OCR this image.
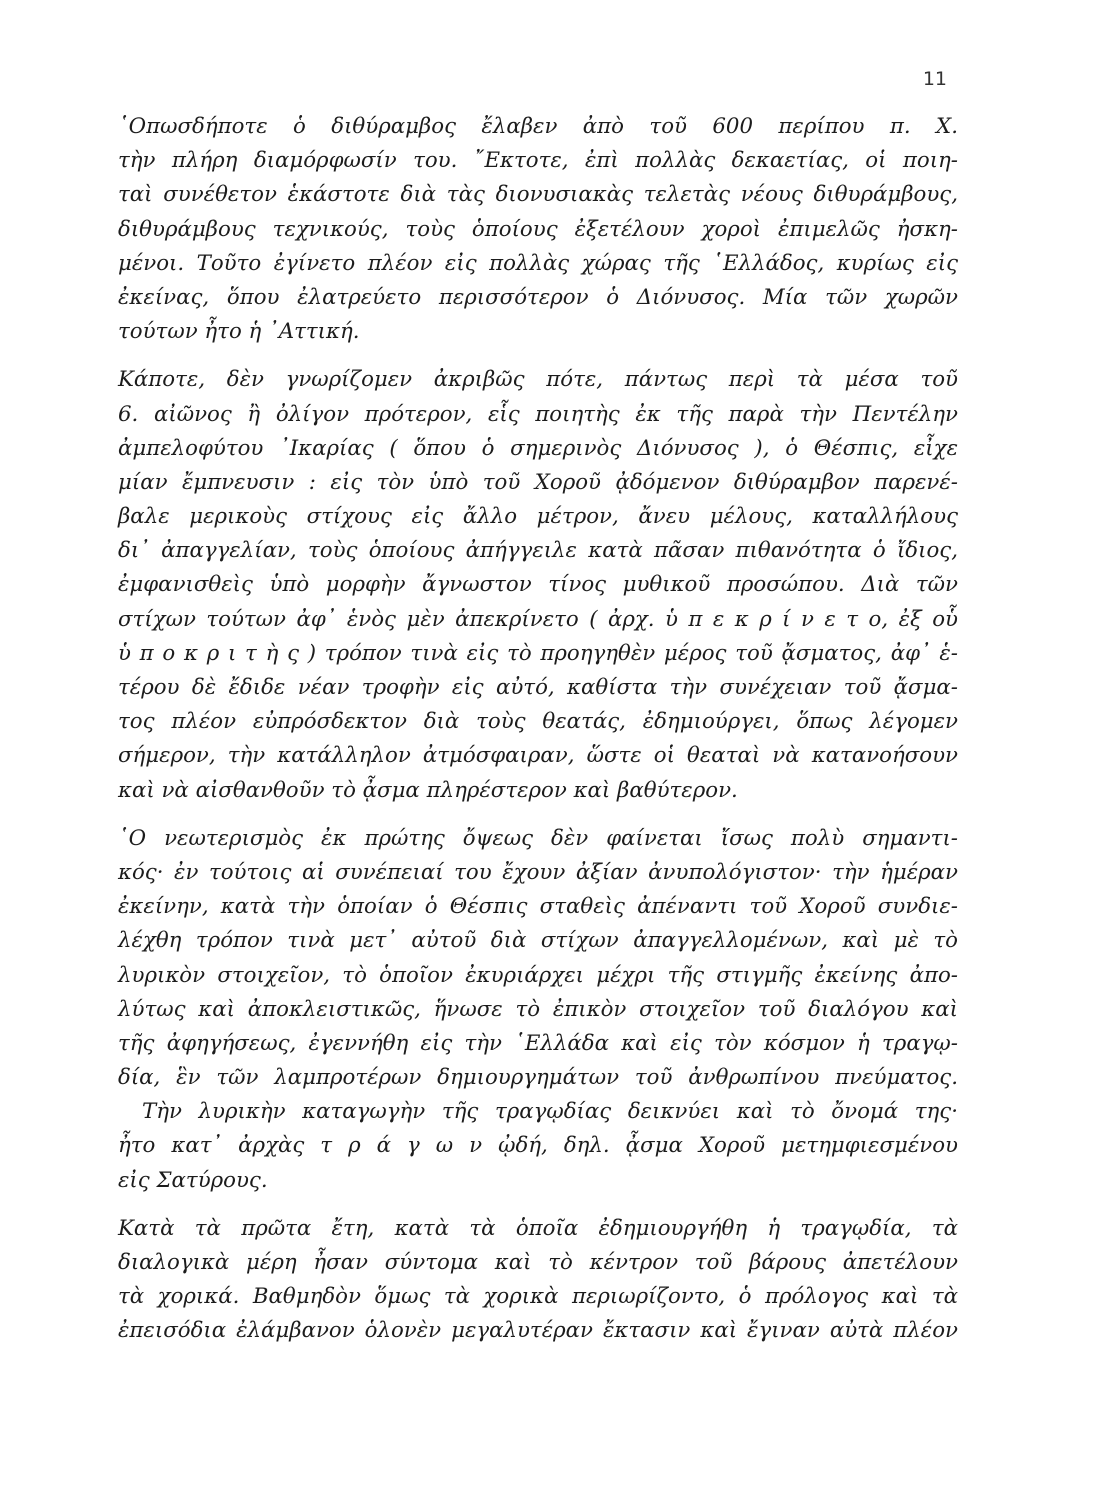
11
῾Οπωσδήποτε ὁ διθύραμβος ἔλαβεν ἀπὸ τοῦ 600 περίπου π. Χ.
τὴν πλήρη διαμόρφωσίν του. ῎Εκτοτε, ἐπὶ πολλὰς δεκαετίας, οἱ ποιη-
ταὶ συνέθετον ἑκάστοτε διὰ τὰς διονυσιακὰς τελετὰς νέους διθυράμβους,
διθυράμβους τεχνικούς, τοὺς ὁποίους ἐξετέλουν χοροὶ ἐπιμελῶς ἠσκη-
μένοι. Τοῦτο ἐγίνετο πλέον εἰς πολλὰς χώρας τῆς ῾Ελλάδος, κυρίως εἰς
ἐκείνας, ὅπου ἐλατρεύετο περισσότερον ὁ Διόνυσος. Μία τῶν χωρῶν
τούτων ἦτο ἡ ᾿Αττική.
Κάποτε, δὲν γνωρίζομεν ἀκριβῶς πότε, πάντως περὶ τὰ μέσα τοῦ
6. αἰῶνος ἢ ὀλίγον πρότερον, εἷς ποιητὴς ἐκ τῆς παρὰ τὴν Πεντέλην
ἀμπελοφύτου ᾿Ικαρίας ( ὅπου ὁ σημερινὸς Διόνυσος ), ὁ Θέσπις, εἶχε
μίαν ἔμπνευσιν : εἰς τὸν ὑπὸ τοῦ Χοροῦ ᾀδόμενον διθύραμβον παρενέ-
βαλε μερικοὺς στίχους εἰς ἄλλο μέτρον, ἄνευ μέλους, καταλλήλους
δι᾿ ἀπαγγελίαν, τοὺς ὁποίους ἀπήγγειλε κατὰ πᾶσαν πιθανότητα ὁ ἴδιος,
ἐμφανισθεὶς ὑπὸ μορφὴν ἄγνωστον τίνος μυθικοῦ προσώπου. Διὰ τῶν
στίχων τούτων ἀφ᾿ ἑνὸς μὲν ἀπεκρίνετο ( ἀρχ. ὑ π ε κ ρ ί ν ε τ ο, ἐξ οὗ
ὑ π ο κ ρ ι τ ὴ ς ) τρόπον τινὰ εἰς τὸ προηγηθὲν μέρος τοῦ ᾄσματος, ἀφ᾿ ἑ-
τέρου δὲ ἔδιδε νέαν τροφὴν εἰς αὐτό, καθίστα τὴν συνέχειαν τοῦ ᾄσμα-
τος πλέον εὐπρόσδεκτον διὰ τοὺς θεατάς, ἐδημιούργει, ὅπως λέγομεν
σήμερον, τὴν κατάλληλον ἀτμόσφαιραν, ὥστε οἱ θεαταὶ νὰ κατανοήσουν
καὶ νὰ αἰσθανθοῦν τὸ ᾆσμα πληρέστερον καὶ βαθύτερον.
῾Ο νεωτερισμὸς ἐκ πρώτης ὄψεως δὲν φαίνεται ἴσως πολὺ σημαντι-
κός· ἐν τούτοις αἱ συνέπειαί του ἔχουν ἀξίαν ἀνυπολόγιστον· τὴν ἡμέραν
ἐκείνην, κατὰ τὴν ὁποίαν ὁ Θέσπις σταθεὶς ἀπέναντι τοῦ Χοροῦ συνδιε-
λέχθη τρόπον τινὰ μετ᾿ αὐτοῦ διὰ στίχων ἀπαγγελλομένων, καὶ μὲ τὸ
λυρικὸν στοιχεῖον, τὸ ὁποῖον ἐκυριάρχει μέχρι τῆς στιγμῆς ἐκείνης ἀπο-
λύτως καὶ ἀποκλειστικῶς, ἥνωσε τὸ ἐπικὸν στοιχεῖον τοῦ διαλόγου καὶ
τῆς ἀφηγήσεως, ἐγεννήθη εἰς τὴν ῾Ελλάδα καὶ εἰς τὸν κόσμον ἡ τραγῳ-
δία, ἓν τῶν λαμπροτέρων δημιουργημάτων τοῦ ἀνθρωπίνου πνεύματος.
Τὴν λυρικὴν καταγωγὴν τῆς τραγῳδίας δεικνύει καὶ τὸ ὄνομά της·
ἦτο κατ᾿ ἀρχὰς τ ρ ά γ ω ν ᾠδή, δηλ. ᾆσμα Χοροῦ μετημφιεσμένου
εἰς Σατύρους.
Κατὰ τὰ πρῶτα ἔτη, κατὰ τὰ ὁποῖα ἐδημιουργήθη ἡ τραγῳδία, τὰ
διαλογικὰ μέρη ἦσαν σύντομα καὶ τὸ κέντρον τοῦ βάρους ἀπετέλουν
τὰ χορικά. Βαθμηδὸν ὅμως τὰ χορικὰ περιωρίζοντο, ὁ πρόλογος καὶ τὰ
ἐπεισόδια ἐλάμβανον ὁλονὲν μεγαλυτέραν ἔκτασιν καὶ ἔγιναν αὐτὰ πλέον
